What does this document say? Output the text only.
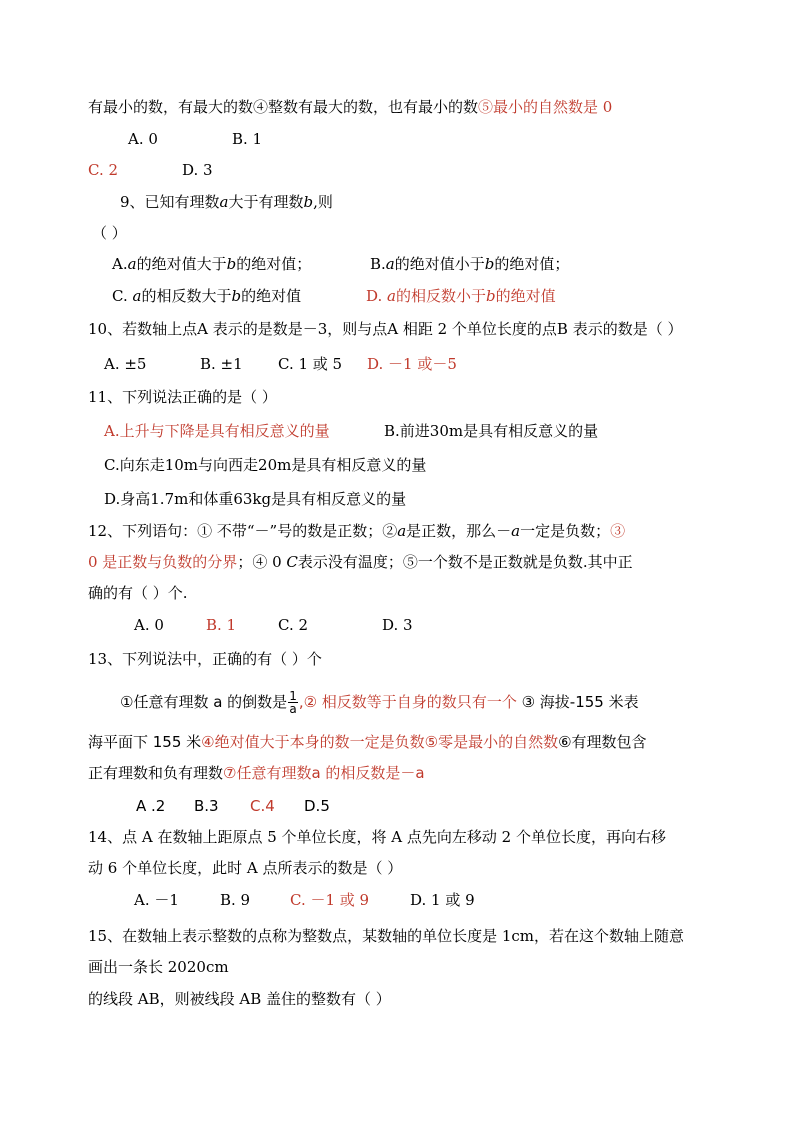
有最小的数，有最大的数④整数有最大的数，也有最小的数⑤最小的自然数是 0
A. 0	B. 1
C. 2	D. 3
9、已知有理数a大于有理数b,则
（ ）
A.a的绝对值大于b的绝对值；	B.a的绝对值小于b的绝对值；
C. a的相反数大于b的绝对值	D. a的相反数小于b的绝对值
10、若数轴上点A 表示的是数是－3，则与点A 相距 2 个单位长度的点B 表示的数是（ ）
A. ±5	B. ±1 C. 1 或 5 D. －1 或－5
11、下列说法正确的是（ ）
A.上升与下降是具有相反意义的量	B.前进30m是具有相反意义的量
C.向东走10m与向西走20m是具有相反意义的量
D.身高1.7m和体重63kg是具有相反意义的量
12、下列语句：① 不带“－”号的数是正数；②a是正数，那么－a一定是负数；③
0 是正数与负数的分界；④ 0 C表示没有温度；⑤一个数不是正数就是负数.其中正
确的有（ ）个.
A. 0	B. 1	C. 2	D. 3
13、下列说法中，正确的有（ ）个
①任意有理数 a 的倒数是 $\frac{1}{a}$ ,② 相反数等于自身的数只有一个 ③ 海拔-155 米表
海平面下 155 米④绝对值大于本身的数一定是负数⑤零是最小的自然数⑥有理数包含
正有理数和负有理数⑦任意有理数a 的相反数是－a
A .2 B.3 C.4 D.5
14、点 A 在数轴上距原点 5 个单位长度，将 A 点先向左移动 2 个单位长度，再向右移
动 6 个单位长度，此时 A 点所表示的数是（ ）
A. －1	B. 9	C. －1 或 9	D. 1 或 9
15、在数轴上表示整数的点称为整数点，某数轴的单位长度是 1cm，若在这个数轴上随意
画出一条长 2020cm
的线段 AB，则被线段 AB 盖住的整数有（ ）
